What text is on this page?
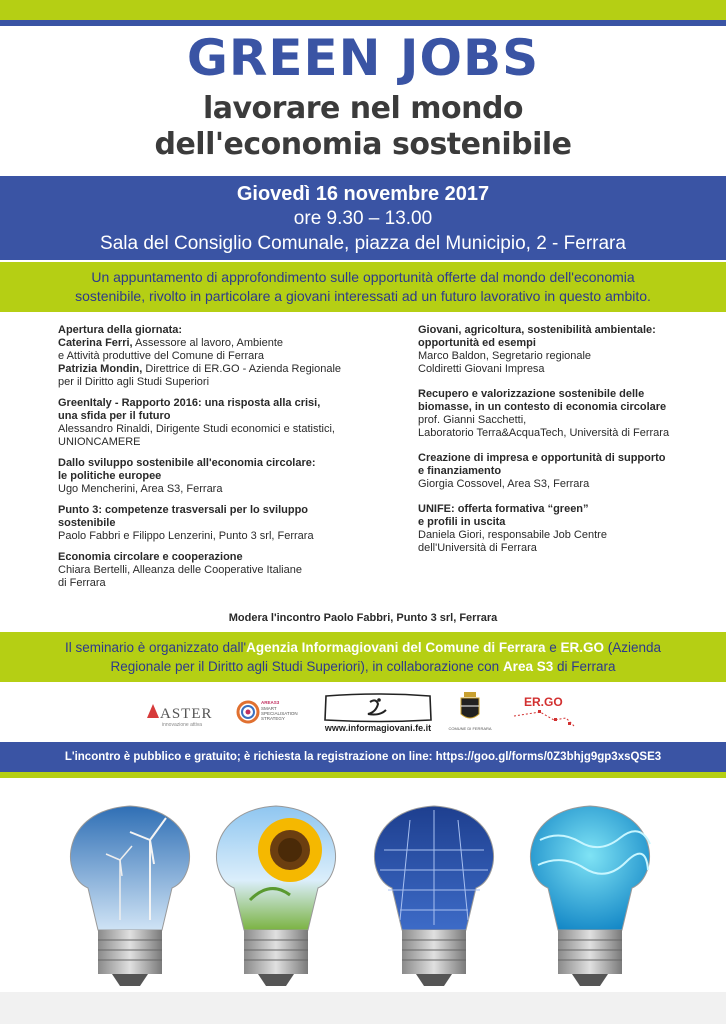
GREEN JOBS
lavorare nel mondo
dell'economia sostenibile
Giovedì 16 novembre 2017
ore 9.30 – 13.00
Sala del Consiglio Comunale, piazza del Municipio, 2 - Ferrara
Un appuntamento di approfondimento sulle opportunità offerte dal mondo dell'economia
sostenibile, rivolto in particolare a giovani interessati ad un futuro lavorativo in questo ambito.
Apertura della giornata:
Caterina Ferri, Assessore al lavoro, Ambiente
e Attività produttive del Comune di Ferrara
Patrizia Mondin, Direttrice di ER.GO - Azienda Regionale
per il Diritto agli Studi Superiori
GreenItaly - Rapporto 2016: una risposta alla crisi,
una sfida per il futuro
Alessandro Rinaldi, Dirigente Studi economici e statistici,
UNIONCAMERE
Dallo sviluppo sostenibile all'economia circolare:
le politiche europee
Ugo Mencherini, Area S3, Ferrara
Punto 3: competenze trasversali per lo sviluppo
sostenibile
Paolo Fabbri e Filippo Lenzerini, Punto 3 srl, Ferrara
Economia circolare e cooperazione
Chiara Bertelli, Alleanza delle Cooperative Italiane
di Ferrara
Giovani, agricoltura, sostenibilità ambientale:
opportunità ed esempi
Marco Baldon, Segretario regionale
Coldiretti Giovani Impresa
Recupero e valorizzazione sostenibile delle
biomasse, in un contesto di economia circolare
prof. Gianni Sacchetti,
Laboratorio Terra&AcquaTech, Università di Ferrara
Creazione di impresa e opportunità di supporto
e finanziamento
Giorgia Cossovel, Area S3, Ferrara
UNIFE: offerta formativa “green”
e profili in uscita
Daniela Giori, responsabile Job Centre
dell'Università di Ferrara
Modera l'incontro Paolo Fabbri, Punto 3 srl, Ferrara
Il seminario è organizzato dall'Agenzia Informagiovani del Comune di Ferrara e ER.GO (Azienda
Regionale per il Diritto agli Studi Superiori), in collaborazione con Area S3 di Ferrara
ASTER
innovazione attiva
AREAS3
SMART
SPECIALISATION
STRATEGY
www.informagiovani.fe.it	COMUNE DI FERRARA
ER.GO
L'incontro è pubblico e gratuito; è richiesta la registrazione on line: https://goo.gl/forms/0Z3bhjg9gp3xsQSE3
